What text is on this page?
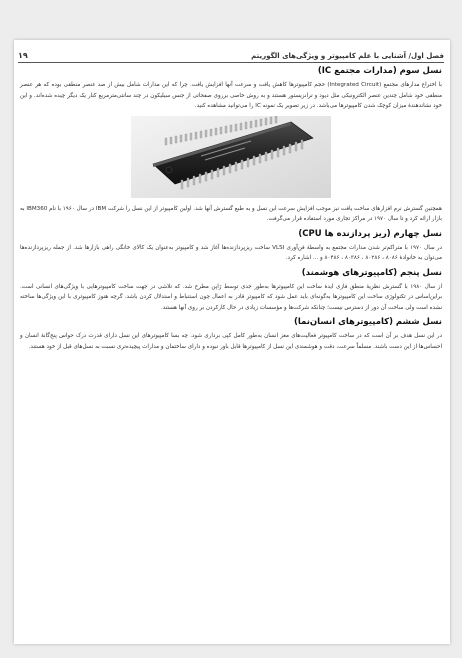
فصل اول/ آشنایی با علم کامپیوتر و ویژگی‌های الگوریتم
۱۹
نسل سوم (مدارات مجتمع IC)

با اختراع مدارهای مجتمع (Integrated Circuit) حجم کامپیوترها کاهش یافت و سرعت آنها افزایش یافت. چرا که این مدارات شامل بیش از صد عنصر منطقی بوده که هر عنصر منطقی خود شامل چندین عنصر الکترونیکی مثل دیود و ترانزیستور هستند و به روش خاصی برروی صفحاتی از جنس سیلیکون در چند سانتی‌مترمربع کنار یک دیگر چیده شده‌اند. و این خود نشاندهندهٔ میزان کوچک شدن کامپیوترها می‌باشد. در زیر تصویر یک نمونه IC را می‌توانید مشاهده کنید.

همچنین گسترش نرم افزارهای ساخت یافت نیز موجب افزایش سرعت این نسل و به طبع گسترش آنها شد. اولین کامپیوتر از این نسل را شرکت IBM در سال ۱۹۶۰ با نام IBM360 به بازار ارائه کرد و تا سال ۱۹۷۰ در مراکز تجاری مورد استفاده قرار می‌گرفت.

نسل چهارم (ریز پردازنده ها CPU)

در سال ۱۹۷۰ با متراکم‌تر شدن مدارات مجتمع به واسطهٔ فن‌آوری VLSI ساخت ریزپردازنده‌ها آغاز شد و کامپیوتر به‌عنوان یک کالای خانگی راهی بازارها شد. از جمله ریزپردازنده‌ها می‌توان به خانوادهٔ ۸۰۸۶ ، ۸۰۲۸۶ ، ۸۰۳۸۶ ، ۸۰۴۸۶ و ... اشاره کرد.

نسل پنجم (کامپیوترهای هوشمند)

از سال ۱۹۸۰ با گسترش نظریهٔ منطق فازی ایدهٔ ساخت این کامپیوترها به‌طور جدی توسط ژاپن مطرح شد. که تلاشی در جهت ساخت کامپیوترهایی با ویژگی‌های انسانی است. براین‌اساس در تکنولوژی ساخت این کامپیوترها به‌گونه‌ای باید عمل شود که کامپیوتر قادر به اعمال چون استنباط و استدلال کردن باشد. گرچه هنوز کامپیوتری با این ویژگی‌ها ساخته نشده است ولی ساخت آن دور از دسترس نیست؛ چنانکه شرکت‌ها و مؤسسات زیادی در حال کارکردن بر روی آنها هستند.

نسل ششم (کامپیوترهای انسان‌نما)

در این نسل هدف بر آن است که در ساخت کامپیوتر فعالیت‌های مغز انسان به‌طور کامل کپی برداری شود. چه بسا کامپیوترهای این نسل دارای قدرت درک حواس پنج‌گانهٔ انسان و احساس‌ها از این دست باشند. مسلماً سرعت، دقت و هوشمندی این نسل از کامپیوترها قابل باور نبوده و دارای ساختمان و مدارات پیچیده‌تری نسبت به نسل‌های قبل از خود هستند.
